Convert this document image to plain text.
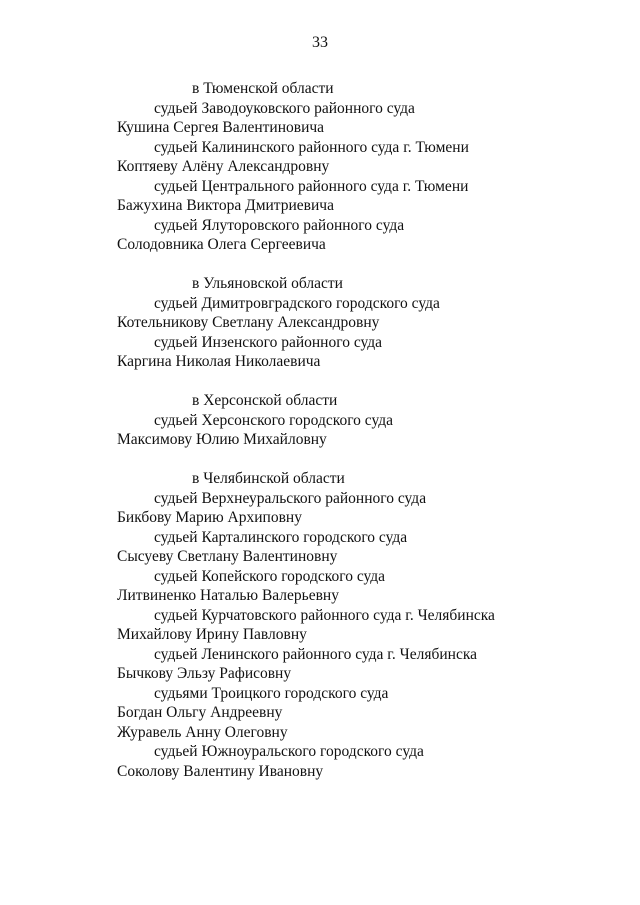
33
в Тюменской области
судьей Заводоуковского районного суда
Кушина Сергея Валентиновича
судьей Калининского районного суда г. Тюмени
Коптяеву Алёну Александровну
судьей Центрального районного суда г. Тюмени
Бажухина Виктора Дмитриевича
судьей Ялуторовского районного суда
Солодовника Олега Сергеевича
в Ульяновской области
судьей Димитровградского городского суда
Котельникову Светлану Александровну
судьей Инзенского районного суда
Каргина Николая Николаевича
в Херсонской области
судьей Херсонского городского суда
Максимову Юлию Михайловну
в Челябинской области
судьей Верхнеуральского районного суда
Бикбову Марию Архиповну
судьей Карталинского городского суда
Сысуеву Светлану Валентиновну
судьей Копейского городского суда
Литвиненко Наталью Валерьевну
судьей Курчатовского районного суда г. Челябинска
Михайлову Ирину Павловну
судьей Ленинского районного суда г. Челябинска
Бычкову Эльзу Рафисовну
судьями Троицкого городского суда
Богдан Ольгу Андреевну
Журавель Анну Олеговну
судьей Южноуральского городского суда
Соколову Валентину Ивановну
